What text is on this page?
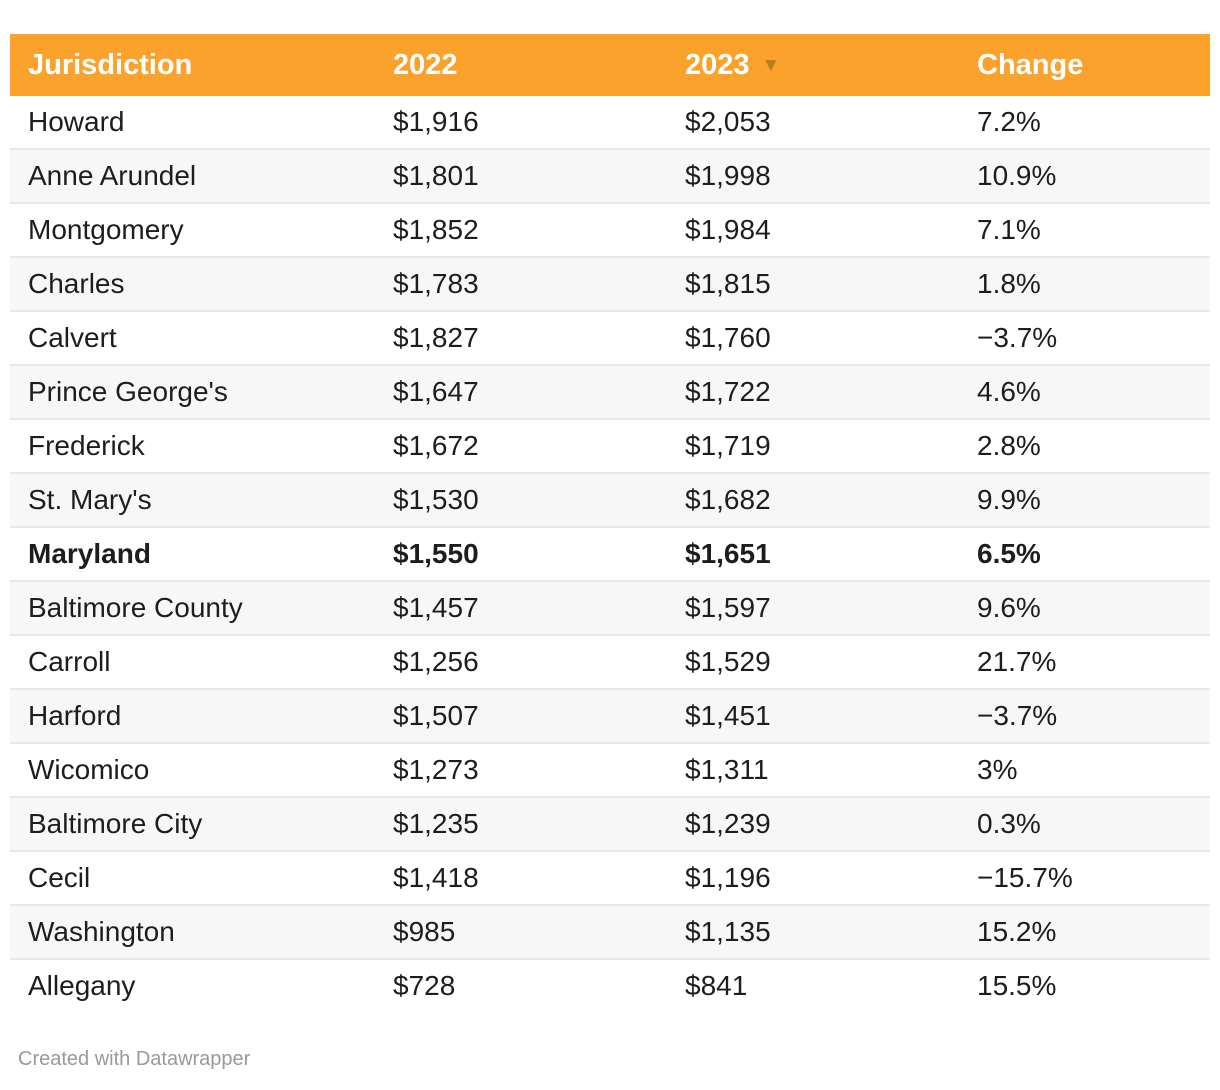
Jurisdiction	2022	2023 ▼	Change
Howard	$1,916	$2,053	7.2%
Anne Arundel	$1,801	$1,998	10.9%
Montgomery	$1,852	$1,984	7.1%
Charles	$1,783	$1,815	1.8%
Calvert	$1,827	$1,760	−3.7%
Prince George's	$1,647	$1,722	4.6%
Frederick	$1,672	$1,719	2.8%
St. Mary's	$1,530	$1,682	9.9%
Maryland	$1,550	$1,651	6.5%
Baltimore County	$1,457	$1,597	9.6%
Carroll	$1,256	$1,529	21.7%
Harford	$1,507	$1,451	−3.7%
Wicomico	$1,273	$1,311	3%
Baltimore City	$1,235	$1,239	0.3%
Cecil	$1,418	$1,196	−15.7%
Washington	$985	$1,135	15.2%
Allegany	$728	$841	15.5%
Created with Datawrapper
